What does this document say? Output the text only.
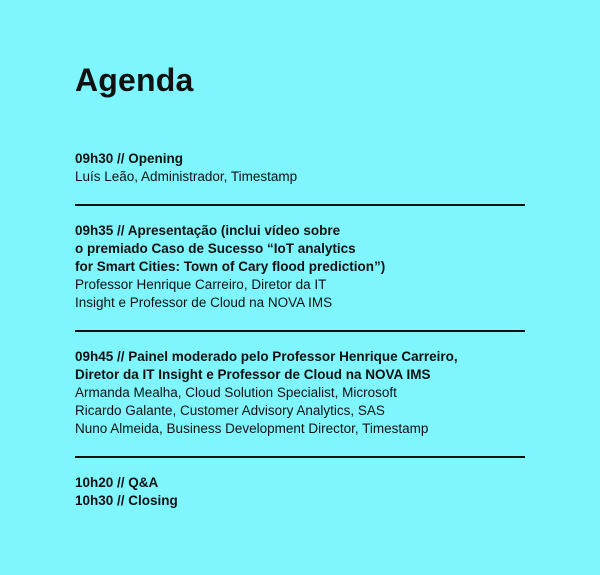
Agenda
09h30 // Opening
Luís Leão, Administrador, Timestamp
09h35 // Apresentação (inclui vídeo sobre
o premiado Caso de Sucesso “IoT analytics
for Smart Cities: Town of Cary flood prediction”)
Professor Henrique Carreiro, Diretor da IT
Insight e Professor de Cloud na NOVA IMS
09h45 // Painel moderado pelo Professor Henrique Carreiro,
Diretor da IT Insight e Professor de Cloud na NOVA IMS
Armanda Mealha, Cloud Solution Specialist, Microsoft
Ricardo Galante, Customer Advisory Analytics, SAS
Nuno Almeida, Business Development Director, Timestamp
10h20 // Q&A
10h30 // Closing
